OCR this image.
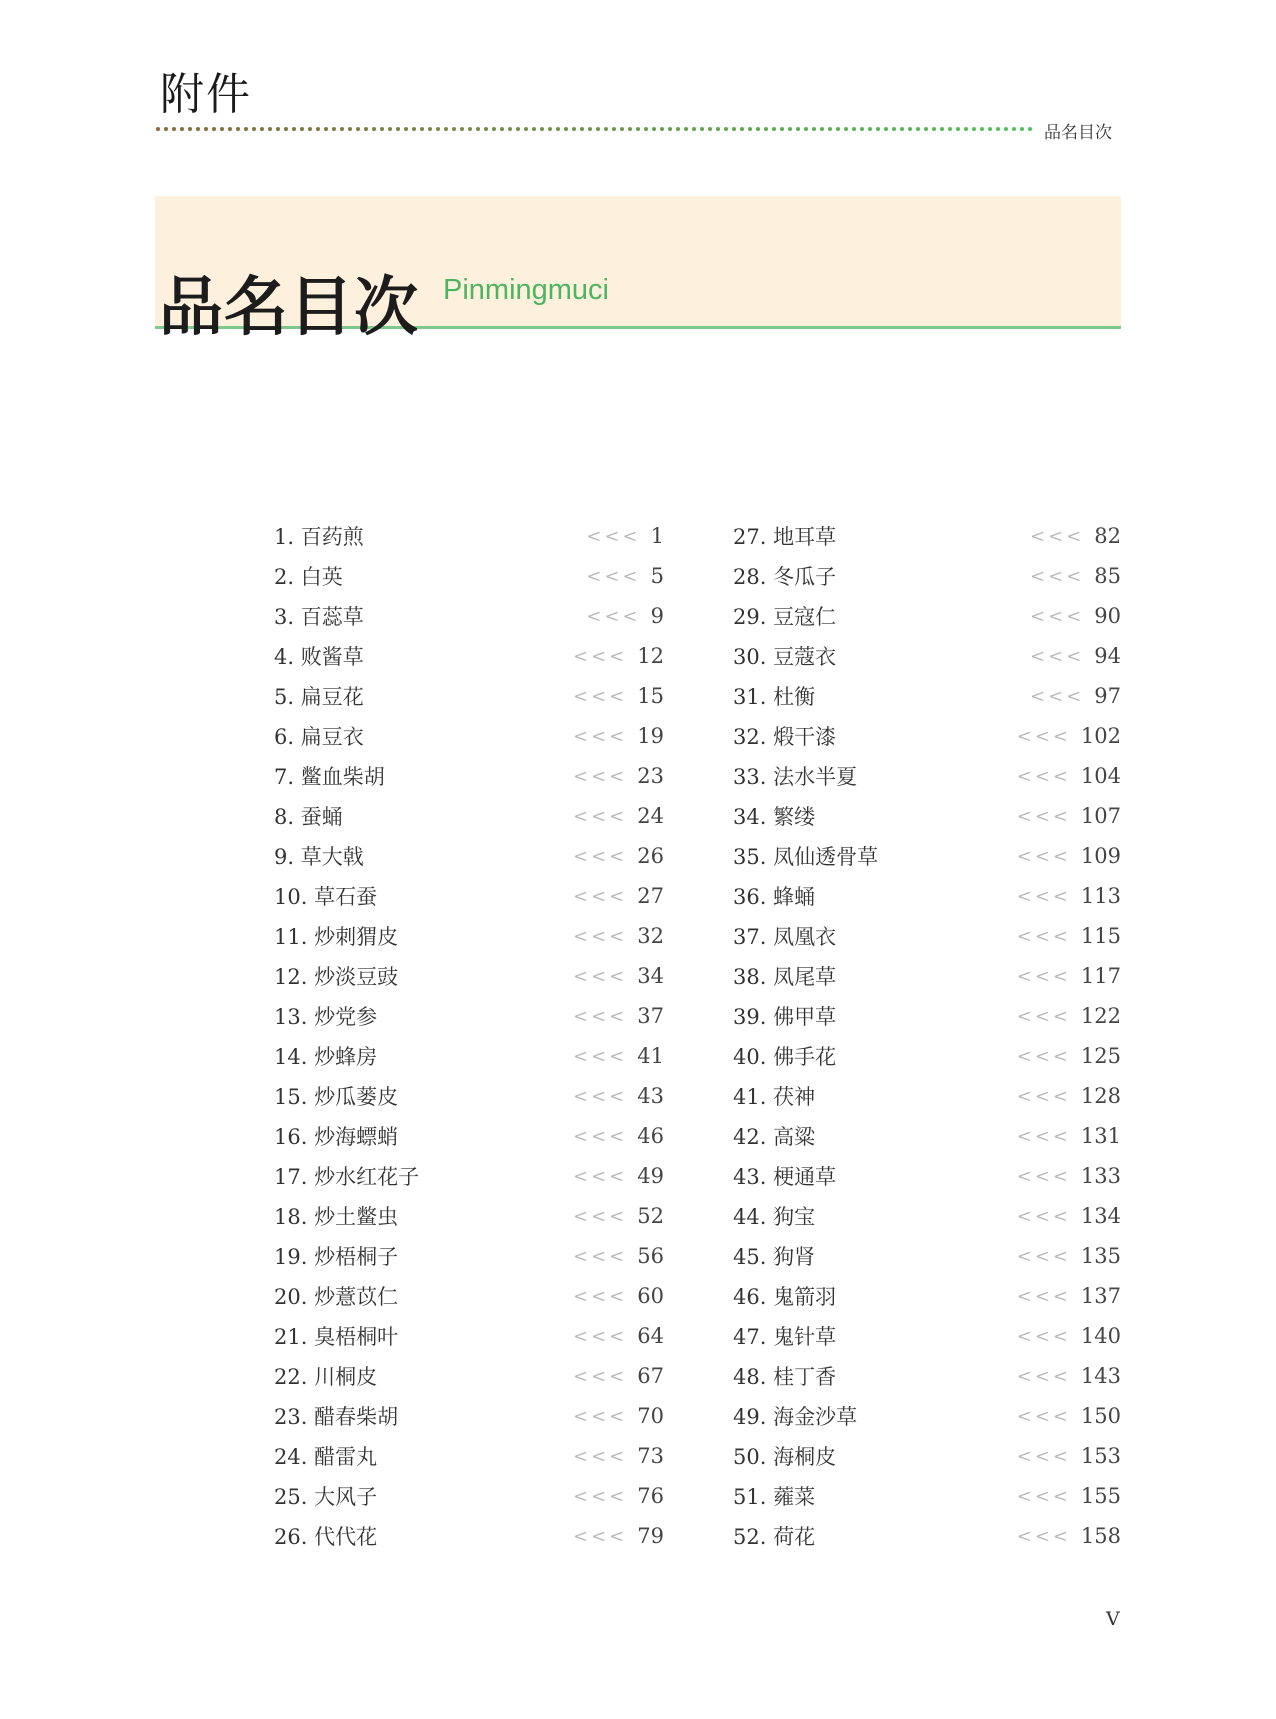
附件
品名目次
品名目次 Pinmingmuci
1. 百药煎	<<< 1
2. 白英	<<< 5
3. 百蕊草	<<< 9
4. 败酱草	<<< 12
5. 扁豆花	<<< 15
6. 扁豆衣	<<< 19
7. 鳖血柴胡	<<< 23
8. 蚕蛹	<<< 24
9. 草大戟	<<< 26
10. 草石蚕	<<< 27
11. 炒刺猬皮	<<< 32
12. 炒淡豆豉	<<< 34
13. 炒党参	<<< 37
14. 炒蜂房	<<< 41
15. 炒瓜蒌皮	<<< 43
16. 炒海螵蛸	<<< 46
17. 炒水红花子	<<< 49
18. 炒土鳖虫	<<< 52
19. 炒梧桐子	<<< 56
20. 炒薏苡仁	<<< 60
21. 臭梧桐叶	<<< 64
22. 川桐皮	<<< 67
23. 醋春柴胡	<<< 70
24. 醋雷丸	<<< 73
25. 大风子	<<< 76
26. 代代花	<<< 79
27. 地耳草	<<< 82
28. 冬瓜子	<<< 85
29. 豆寇仁	<<< 90
30. 豆蔻衣	<<< 94
31. 杜衡	<<< 97
32. 煅干漆	<<< 102
33. 法水半夏	<<< 104
34. 繁缕	<<< 107
35. 凤仙透骨草	<<< 109
36. 蜂蛹	<<< 113
37. 凤凰衣	<<< 115
38. 凤尾草	<<< 117
39. 佛甲草	<<< 122
40. 佛手花	<<< 125
41. 茯神	<<< 128
42. 高粱	<<< 131
43. 梗通草	<<< 133
44. 狗宝	<<< 134
45. 狗肾	<<< 135
46. 鬼箭羽	<<< 137
47. 鬼针草	<<< 140
48. 桂丁香	<<< 143
49. 海金沙草	<<< 150
50. 海桐皮	<<< 153
51. 蕹菜	<<< 155
52. 荷花	<<< 158
V
